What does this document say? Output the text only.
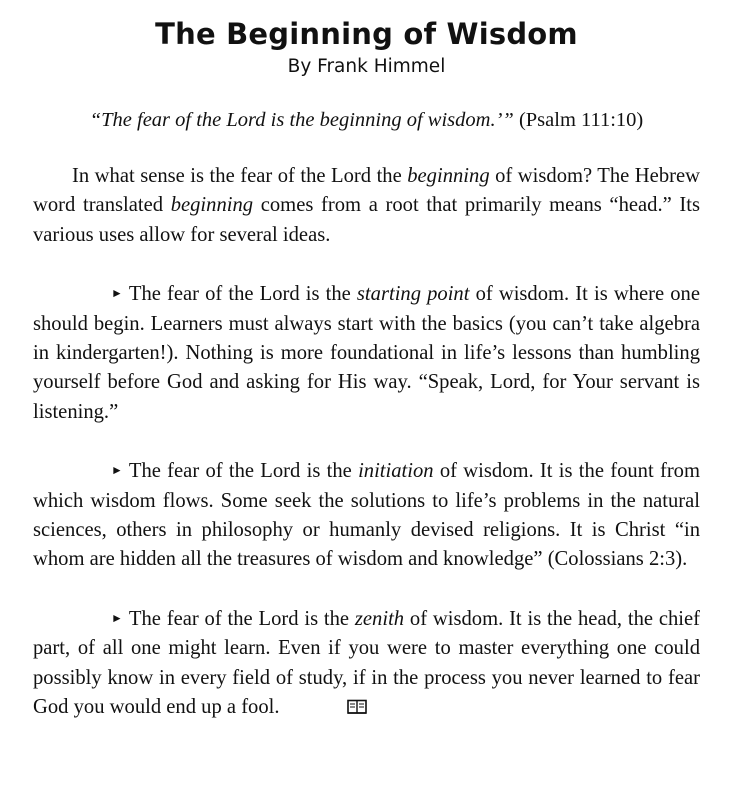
The Beginning of Wisdom

By Frank Himmel

“The fear of the Lord is the beginning of wisdom.’” (Psalm 111:10)

In what sense is the fear of the Lord the beginning of wisdom? The Hebrew word translated beginning comes from a root that primarily means “head.” Its various uses allow for several ideas.

► The fear of the Lord is the starting point of wisdom. It is where one should begin. Learners must always start with the basics (you can’t take algebra in kindergarten!). Nothing is more foundational in life’s lessons than humbling yourself before God and asking for His way. “Speak, Lord, for Your servant is listening.”

► The fear of the Lord is the initiation of wisdom. It is the fount from which wisdom flows. Some seek the solutions to life’s problems in the natural sciences, others in philosophy or humanly devised religions. It is Christ “in whom are hidden all the treasures of wisdom and knowledge” (Colossians 2:3).

► The fear of the Lord is the zenith of wisdom. It is the head, the chief part, of all one might learn. Even if you were to master everything one could possibly know in every field of study, if in the process you never learned to fear God you would end up a fool.
